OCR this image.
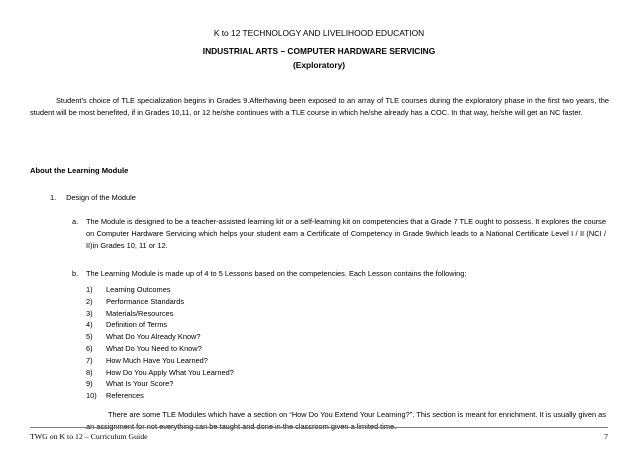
K to 12 TECHNOLOGY AND LIVELIHOOD EDUCATION
INDUSTRIAL ARTS – COMPUTER HARDWARE SERVICING
(Exploratory)
Student’s choice of TLE specialization begins in Grades 9.Afterhaving been exposed to an array of TLE courses during the exploratory phase in the first two years, the student will be most benefited, if in Grades 10,11, or 12 he/she continues with a TLE course in which he/she already has a COC. In that way, he/she will get an NC faster.
About the Learning Module
1. Design of the Module
a.	The Module is designed to be a teacher-assisted learning kit or a self-learning kit on competencies that a Grade 7 TLE ought to possess. It explores the course on Computer Hardware Servicing which helps your student earn a Certificate of Competency in Grade 9which leads to a National Certificate Level I / II (NCI / II)in Grades 10, 11 or 12.
b.	The Learning Module is made up of 4 to 5 Lessons based on the competencies. Each Lesson contains the following:
1) Learning Outcomes
2) Performance Standards
3) Materials/Resources
4) Definition of Terms
5) What Do You Already Know?
6) What Do You Need to Know?
7) How Much Have You Learned?
8) How Do You Apply What You Learned?
9) What Is Your Score?
10) References
There are some TLE Modules which have a section on “How Do You Extend Your Learning?”. This section is meant for enrichment. It is usually given as an assignment for not everything can be taught and done in the classroom given a limited time.
TWG on K to 12 – Curriculum Guide	7
